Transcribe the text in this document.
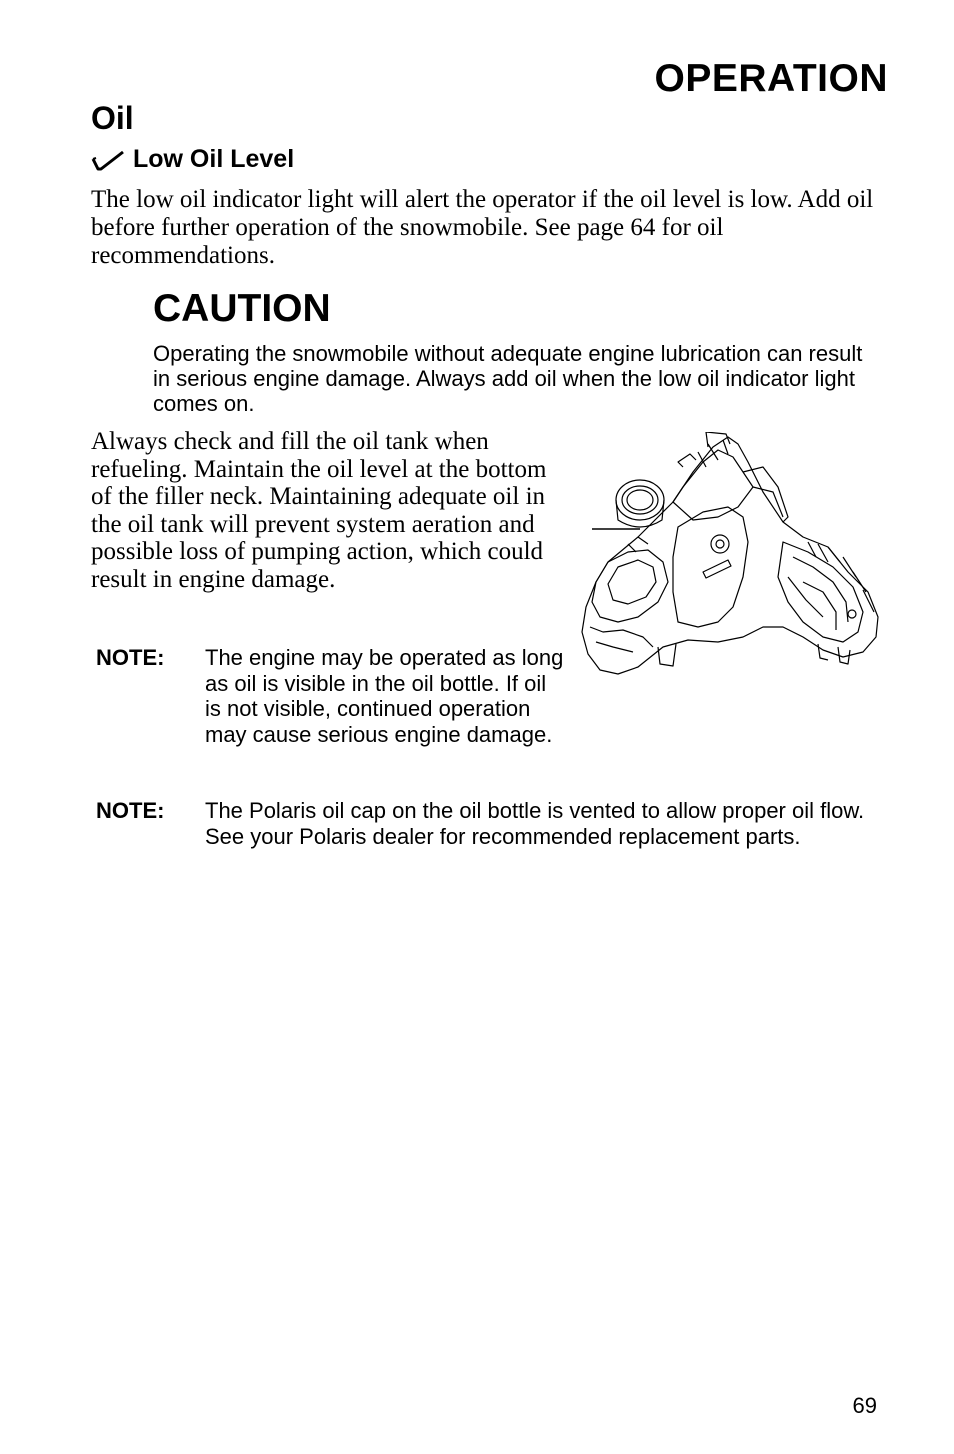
OPERATION
Oil
Low Oil Level
The low oil indicator light will alert the operator if the oil level is low. Add oil before further operation of the snowmobile. See page 64 for oil recommendations.
CAUTION
Operating the snowmobile without adequate engine lubrication can result in serious engine damage. Always add oil when the low oil indicator light comes on.
Always check and fill the oil tank when refueling. Maintain the oil level at the bottom of the filler neck. Maintaining adequate oil in the oil tank will prevent system aeration and possible loss of pumping action, which could result in engine damage.
NOTE: The engine may be operated as long as oil is visible in the oil bottle. If oil is not visible, continued operation may cause serious engine damage.
NOTE: The Polaris oil cap on the oil bottle is vented to allow proper oil flow. See your Polaris dealer for recommended replacement parts.
69
